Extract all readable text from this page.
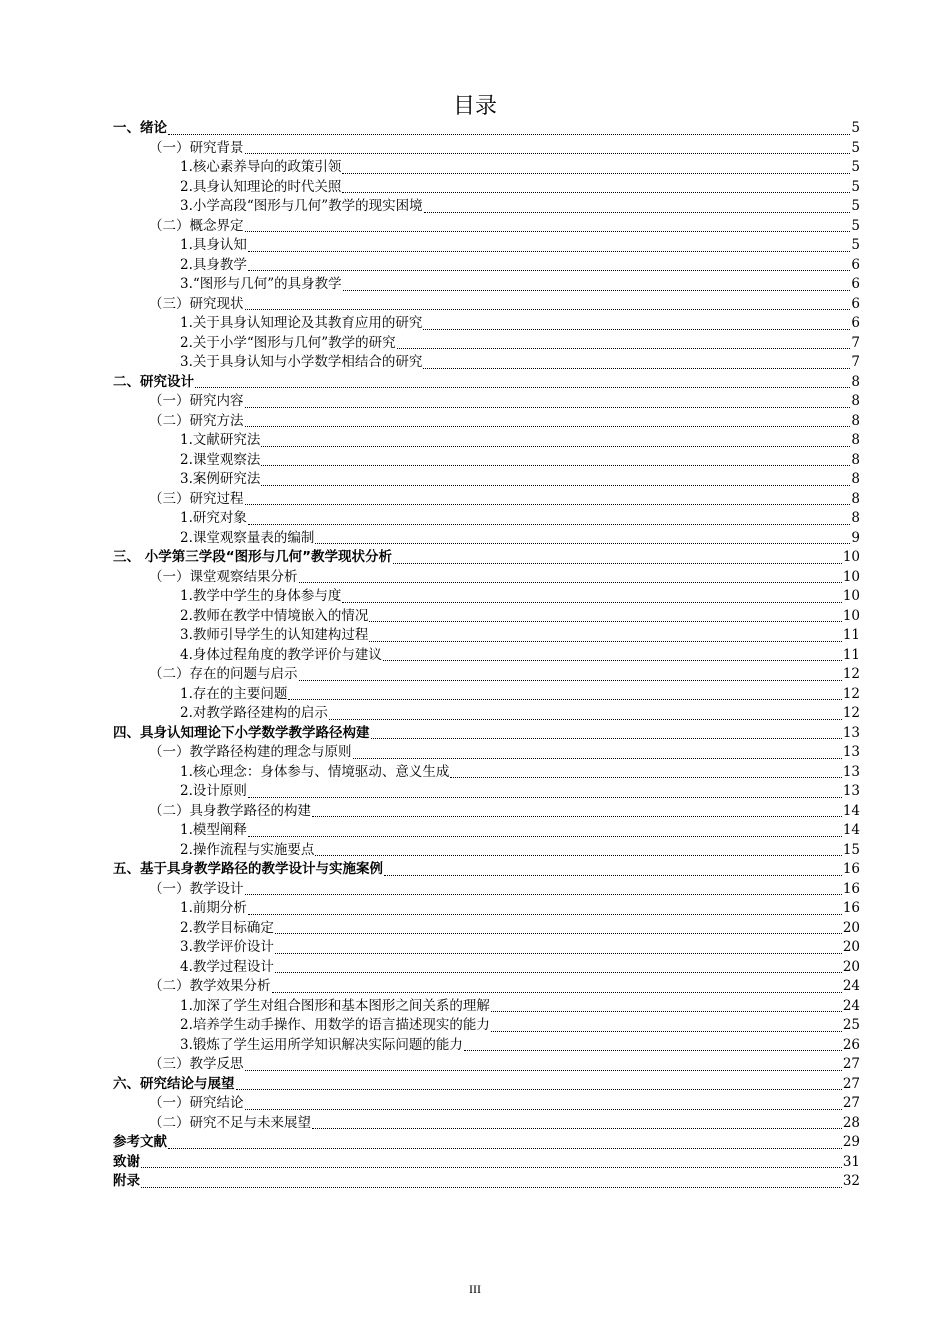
目录
一、绪论	5
（一）研究背景	5
1.核心素养导向的政策引领	5
2.具身认知理论的时代关照	5
3.小学高段“图形与几何”教学的现实困境	5
（二）概念界定	5
1.具身认知	5
2.具身教学	6
3.“图形与几何”的具身教学	6
（三）研究现状	6
1.关于具身认知理论及其教育应用的研究	6
2.关于小学“图形与几何”教学的研究	7
3.关于具身认知与小学数学相结合的研究	7
二、研究设计	8
（一）研究内容	8
（二）研究方法	8
1.文献研究法	8
2.课堂观察法	8
3.案例研究法	8
（三）研究过程	8
1.研究对象	8
2.课堂观察量表的编制	9
三、 小学第三学段“图形与几何”教学现状分析	10
（一）课堂观察结果分析	10
1.教学中学生的身体参与度	10
2.教师在教学中情境嵌入的情况	10
3.教师引导学生的认知建构过程	11
4.身体过程角度的教学评价与建议	11
（二）存在的问题与启示	12
1.存在的主要问题	12
2.对教学路径建构的启示	12
四、具身认知理论下小学数学教学路径构建	13
（一）教学路径构建的理念与原则	13
1.核心理念：身体参与、情境驱动、意义生成	13
2.设计原则	13
（二）具身教学路径的构建	14
1.模型阐释	14
2.操作流程与实施要点	15
五、基于具身教学路径的教学设计与实施案例	16
（一）教学设计	16
1.前期分析	16
2.教学目标确定	20
3.教学评价设计	20
4.教学过程设计	20
（二）教学效果分析	24
1.加深了学生对组合图形和基本图形之间关系的理解	24
2.培养学生动手操作、用数学的语言描述现实的能力	25
3.锻炼了学生运用所学知识解决实际问题的能力	26
（三）教学反思	27
六、研究结论与展望	27
（一）研究结论	27
（二）研究不足与未来展望	28
参考文献	29
致谢	31
附录	32
III
